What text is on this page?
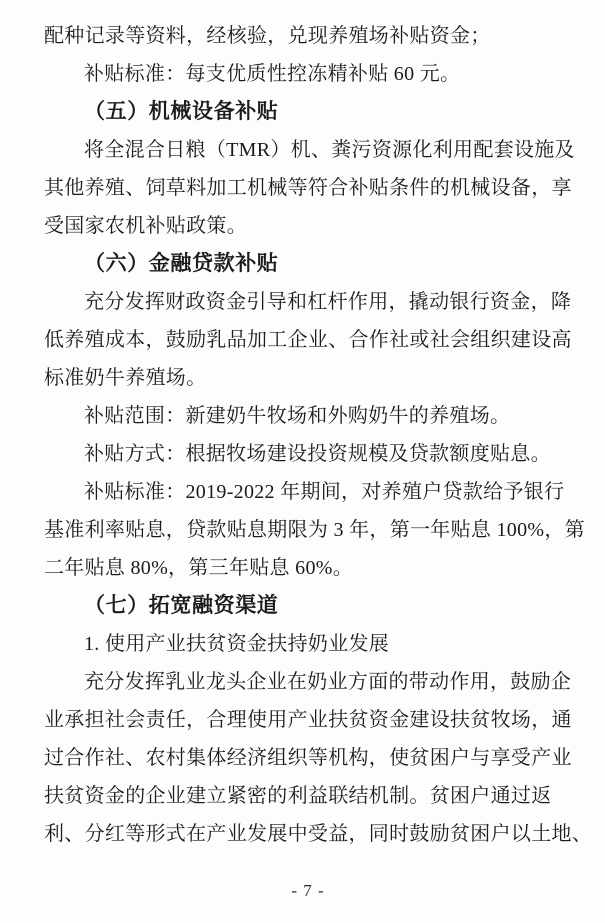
配种记录等资料，经核验，兑现养殖场补贴资金；
补贴标准：每支优质性控冻精补贴 60 元。
（五）机械设备补贴
将全混合日粮（TMR）机、粪污资源化利用配套设施及
其他养殖、饲草料加工机械等符合补贴条件的机械设备，享
受国家农机补贴政策。
（六）金融贷款补贴
充分发挥财政资金引导和杠杆作用，撬动银行资金，降
低养殖成本，鼓励乳品加工企业、合作社或社会组织建设高
标准奶牛养殖场。
补贴范围：新建奶牛牧场和外购奶牛的养殖场。
补贴方式：根据牧场建设投资规模及贷款额度贴息。
补贴标准：2019-2022 年期间，对养殖户贷款给予银行
基准利率贴息，贷款贴息期限为 3 年，第一年贴息 100%，第
二年贴息 80%，第三年贴息 60%。
（七）拓宽融资渠道
1. 使用产业扶贫资金扶持奶业发展
充分发挥乳业龙头企业在奶业方面的带动作用，鼓励企
业承担社会责任，合理使用产业扶贫资金建设扶贫牧场，通
过合作社、农村集体经济组织等机构，使贫困户与享受产业
扶贫资金的企业建立紧密的利益联结机制。贫困户通过返
利、分红等形式在产业发展中受益，同时鼓励贫困户以土地、
- 7 -
